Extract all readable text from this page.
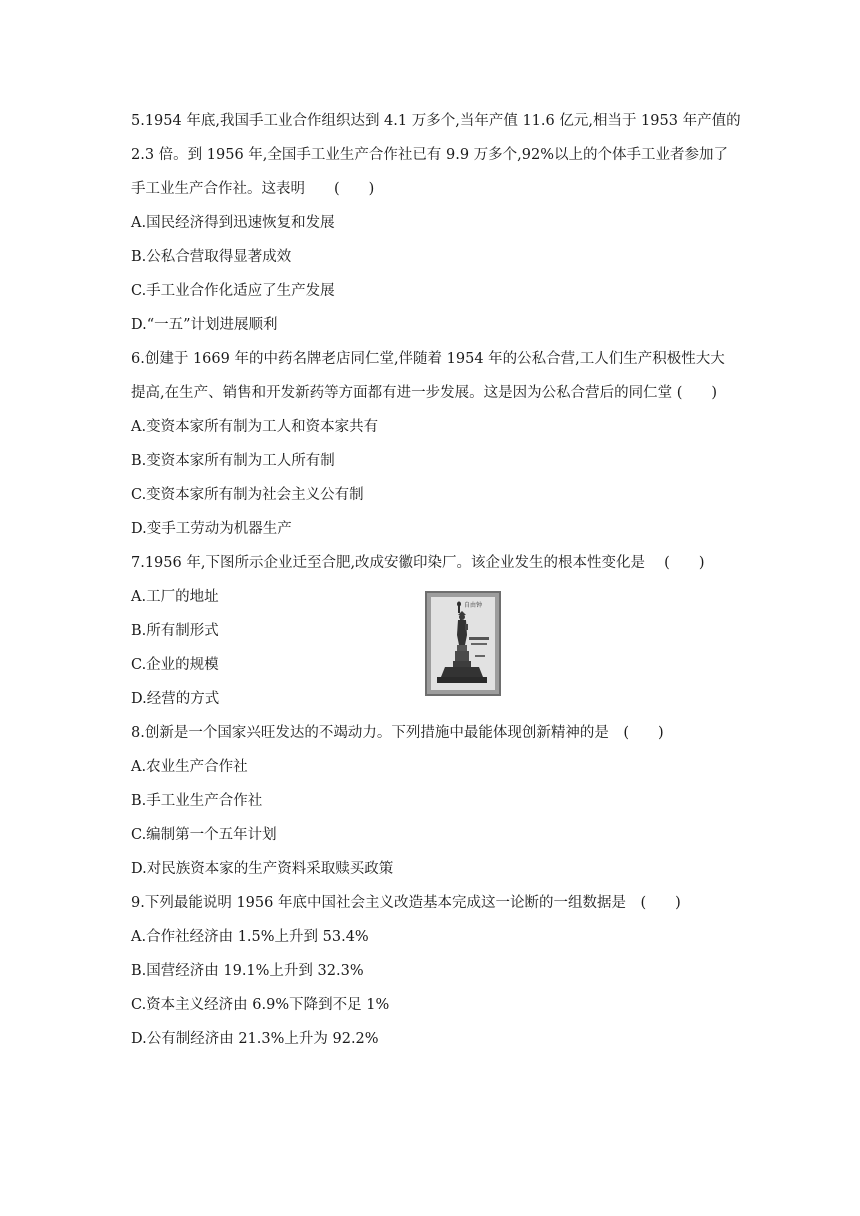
5.1954 年底,我国手工业合作组织达到 4.1 万多个,当年产值 11.6 亿元,相当于 1953 年产值的
2.3 倍。到 1956 年,全国手工业生产合作社已有 9.9 万多个,92%以上的个体手工业者参加了
手工业生产合作社。这表明　　(　　)
A.国民经济得到迅速恢复和发展
B.公私合营取得显著成效
C.手工业合作化适应了生产发展
D.“一五”计划进展顺利
6.创建于 1669 年的中药名牌老店同仁堂,伴随着 1954 年的公私合营,工人们生产积极性大大
提高,在生产、销售和开发新药等方面都有进一步发展。这是因为公私合营后的同仁堂 (　　)
A.变资本家所有制为工人和资本家共有
B.变资本家所有制为工人所有制
C.变资本家所有制为社会主义公有制
D.变手工劳动为机器生产
7.1956 年,下图所示企业迁至合肥,改成安徽印染厂。该企业发生的根本性变化是　 (　　)
A.工厂的地址
B.所有制形式
C.企业的规模
D.经营的方式
自由钟
8.创新是一个国家兴旺发达的不竭动力。下列措施中最能体现创新精神的是　(　　)
A.农业生产合作社
B.手工业生产合作社
C.编制第一个五年计划
D.对民族资本家的生产资料采取赎买政策
9.下列最能说明 1956 年底中国社会主义改造基本完成这一论断的一组数据是　(　　)
A.合作社经济由 1.5%上升到 53.4%
B.国营经济由 19.1%上升到 32.3%
C.资本主义经济由 6.9%下降到不足 1%
D.公有制经济由 21.3%上升为 92.2%
